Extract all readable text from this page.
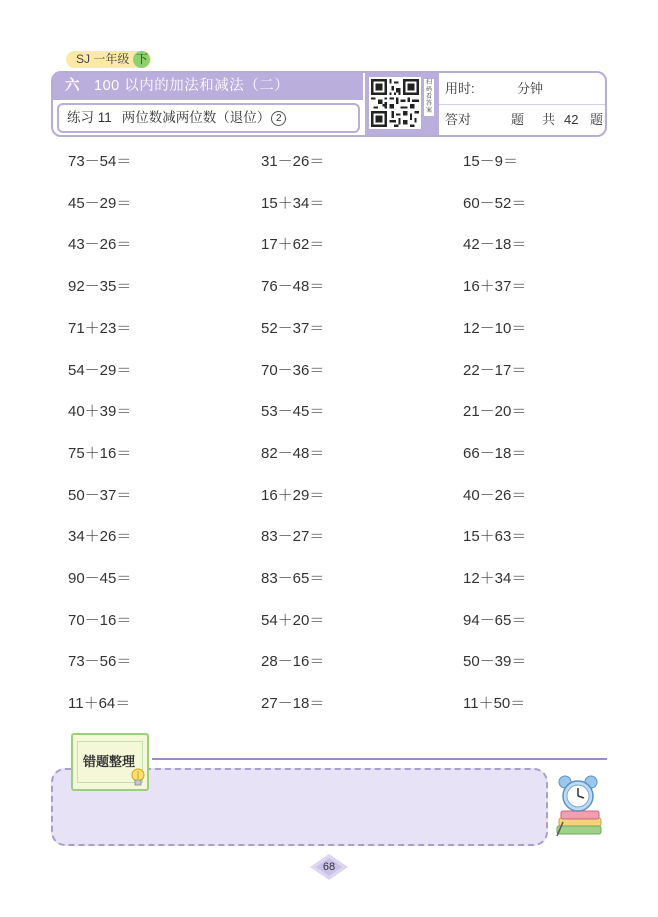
SJ 一年级 下
六 100 以内的加法和减法（二）
练习 11 两位数减两位数（退位） 2
扫码看答案
用时:	分钟
答对	题 共 42 题
73－54＝	31－26＝	15－9＝
45－29＝	15＋34＝	60－52＝
43－26＝	17＋62＝	42－18＝
92－35＝	76－48＝	16＋37＝
71＋23＝	52－37＝	12－10＝
54－29＝	70－36＝	22－17＝
40＋39＝	53－45＝	21－20＝
75＋16＝	82－48＝	66－18＝
50－37＝	16＋29＝	40－26＝
34＋26＝	83－27＝	15＋63＝
90－45＝	83－65＝	12＋34＝
70－16＝	54＋20＝	94－65＝
73－56＝	28－16＝	50－39＝
11＋64＝	27－18＝	11＋50＝
错题整理
68
